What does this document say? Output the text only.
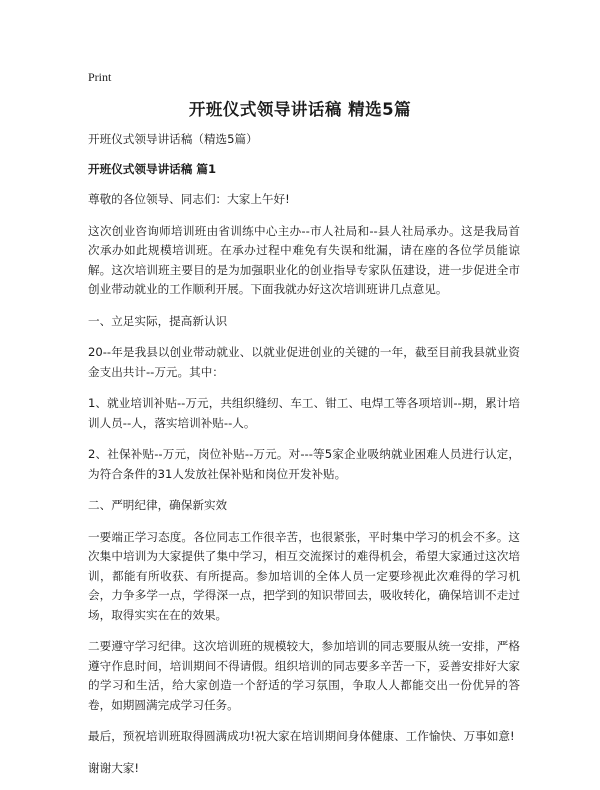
Print
开班仪式领导讲话稿 精选5篇

开班仪式领导讲话稿（精选5篇）

开班仪式领导讲话稿 篇1

尊敬的各位领导、同志们：大家上午好!

这次创业咨询师培训班由省训练中心主办--市人社局和--县人社局承办。这是我局首次承办如此规模培训班。在承办过程中难免有失误和纰漏，请在座的各位学员能谅解。这次培训班主要目的是为加强职业化的创业指导专家队伍建设，进一步促进全市创业带动就业的工作顺利开展。下面我就办好这次培训班讲几点意见。

一、立足实际，提高新认识

20--年是我县以创业带动就业、以就业促进创业的关键的一年，截至目前我县就业资金支出共计--万元。其中：

1、就业培训补贴--万元，共组织缝纫、车工、钳工、电焊工等各项培训--期，累计培训人员--人，落实培训补贴--人。

2、社保补贴--万元，岗位补贴--万元。对---等5家企业吸纳就业困难人员进行认定，为符合条件的31人发放社保补贴和岗位开发补贴。

二、严明纪律，确保新实效

一要端正学习态度。各位同志工作很辛苦，也很紧张，平时集中学习的机会不多。这次集中培训为大家提供了集中学习，相互交流探讨的难得机会，希望大家通过这次培训，都能有所收获、有所提高。参加培训的全体人员一定要珍视此次难得的学习机会，力争多学一点，学得深一点，把学到的知识带回去，吸收转化，确保培训不走过场，取得实实在在的效果。

二要遵守学习纪律。这次培训班的规模较大，参加培训的同志要服从统一安排，严格遵守作息时间，培训期间不得请假。组织培训的同志要多辛苦一下，妥善安排好大家的学习和生活，给大家创造一个舒适的学习氛围，争取人人都能交出一份优异的答卷，如期圆满完成学习任务。

最后，预祝培训班取得圆满成功!祝大家在培训期间身体健康、工作愉快、万事如意!

谢谢大家!
